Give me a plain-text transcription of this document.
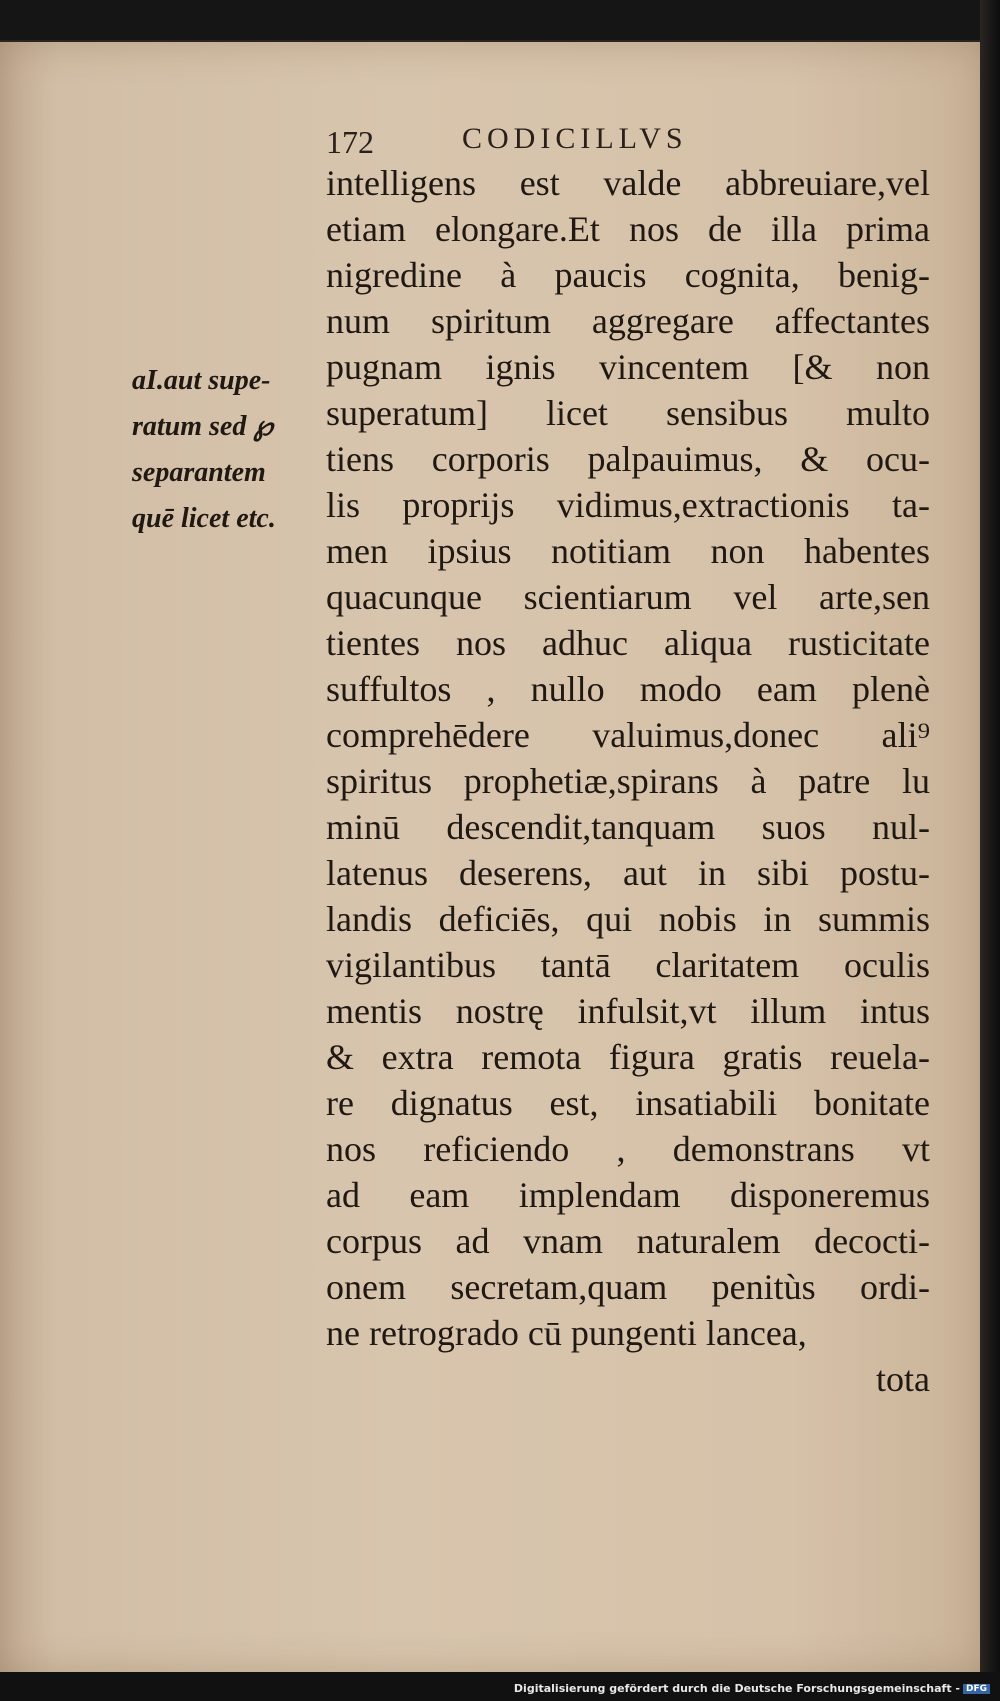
172	CODICILLVS
aI.aut supe-
ratum sed ℘
separantem
quē licet etc.
intelligens est valde abbreuiare,vel
etiam elongare.Et nos de illa prima
nigredine à paucis cognita, benig-
num spiritum aggregare affectantes
pugnam ignis vincentem [& non
superatum] licet sensibus multo
tiens corporis palpauimus, & ocu-
lis proprijs vidimus,extractionis ta-
men ipsius notitiam non habentes
quacunque scientiarum vel arte,sen
tientes nos adhuc aliqua rusticitate
suffultos , nullo modo eam plenè
comprehēdere valuimus,donec ali⁹
spiritus prophetiæ,spirans à patre lu
minū descendit,tanquam suos nul-
latenus deserens, aut in sibi postu-
landis deficiēs, qui nobis in summis
vigilantibus tantā claritatem oculis
mentis nostrę infulsit,vt illum intus
& extra remota figura gratis reuela-
re dignatus est, insatiabili bonitate
nos reficiendo , demonstrans vt
ad eam implendam disponeremus
corpus ad vnam naturalem decocti-
onem secretam,quam penitùs ordi-
ne retrogrado cū pungenti lancea,
tota
Digitalisierung gefördert durch die Deutsche Forschungsgemeinschaft - DFG
